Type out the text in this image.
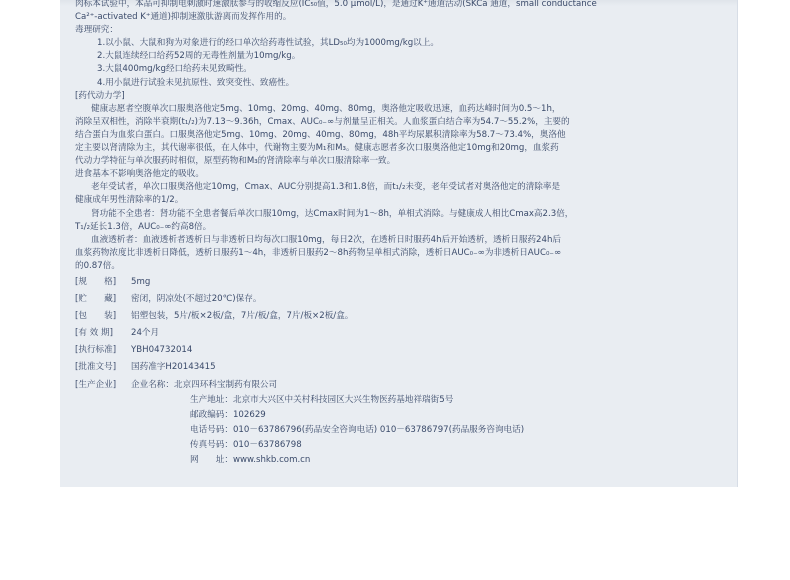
肉标本试验中，本品可抑制电刺激时速激肽参与的收缩反应(IC₅₀值，5.0 μmol/L)，是通过K⁺通道活动(SKCa 通道，small conductance
Ca²⁺-activated K⁺通道)抑制速激肽游离而发挥作用的。
毒理研究：
1.以小鼠、大鼠和狗为对象进行的经口单次给药毒性试验，其LD₅₀均为1000mg/kg以上。
2.大鼠连续经口给药52周的无毒性剂量为10mg/kg。
3.大鼠400mg/kg经口给药未见致畸性。
4.用小鼠进行试验未见抗原性、致突变性、致癌性。
[药代动力学]
健康志愿者空腹单次口服奥洛他定5mg、10mg、20mg、40mg、80mg，奥洛他定吸收迅速，血药达峰时间为0.5～1h，
消除呈双相性，消除半衰期(t₁/₂)为7.13～9.36h，Cmax、AUC₀₋∞与剂量呈正相关。人血浆蛋白结合率为54.7～55.2%，主要的
结合蛋白为血浆白蛋白。口服奥洛他定5mg、10mg、20mg、40mg、80mg，48h平均尿累积清除率为58.7～73.4%，奥洛他
定主要以肾清除为主，其代谢率很低，在人体中，代谢物主要为M₁和M₃。健康志愿者多次口服奥洛他定10mg和20mg，血浆药
代动力学特征与单次服药时相似，原型药物和M₃的肾清除率与单次口服清除率一致。
进食基本不影响奥洛他定的吸收。
老年受试者，单次口服奥洛他定10mg，Cmax、AUC分别提高1.3和1.8倍，而t₁/₂未变，老年受试者对奥洛他定的清除率是
健康成年男性清除率的1/2。
肾功能不全患者：肾功能不全患者餐后单次口服10mg，达Cmax时间为1～8h，单相式消除。与健康成人相比Cmax高2.3倍，
T₁/₂延长1.3倍，AUC₀₋∞约高8倍。
血液透析者：血液透析者透析日与非透析日均每次口服10mg，每日2次，在透析日时服药4h后开始透析，透析日服药24h后
血浆药物浓度比非透析日降低，透析日服药1～4h，非透析日服药2～8h药物呈单相式消除，透析日AUC₀₋∞为非透析日AUC₀₋∞
的0.87倍。
[规　　格]	5mg
[贮　　藏]	密闭，阴凉处(不超过20℃)保存。
[包　　装]	铝塑包装，5片/板×2板/盒，7片/板/盒，7片/板×2板/盒。
[有 效 期]	24个月
[执行标准]	YBH04732014
[批准文号]	国药准字H20143415
[生产企业]	企业名称：北京四环科宝制药有限公司
生产地址：北京市大兴区中关村科技园区大兴生物医药基地祥瑞街5号
邮政编码：102629
电话号码：010－63786796(药品安全咨询电话) 010－63786797(药品服务咨询电话)
传真号码：010－63786798
网　　址：www.shkb.com.cn
